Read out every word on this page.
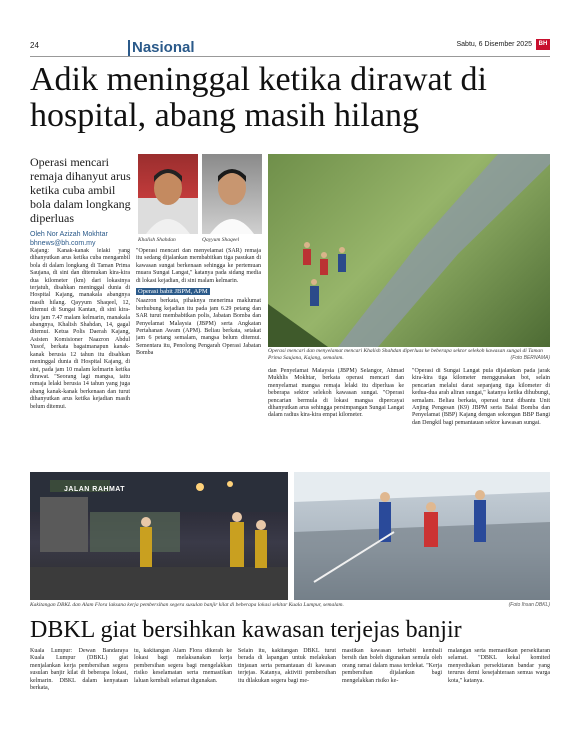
24	Nasional	Sabtu, 6 Disember 2025	BH
Adik meninggal ketika dirawat di hospital, abang masih hilang
Operasi mencari remaja dihanyut arus ketika cuba ambil bola dalam longkang diperluas
Oleh Nor Azizah Mokhtar
bhnews@bh.com.my	Khalish Shahdan	Qayyum Shaqeel
Operasi mencari dan menyelamat mencari Khalish Shahdan diperluas ke beberapa sektor selekoh kawasan sungai di Taman Prima Saujana, Kajang, semalam.	(Foto BERNAMA)
Kajang: Kanak-kanak lelaki yang dihanyutkan arus ketika cuba mengambil bola di dalam longkang di Taman Prima Saujana, di sini dan ditemukan kira-kira dua kilometer (km) dari lokasinya terjatuh, disahkan meninggal dunia di Hospital Kajang, manakala abangnya masih hilang. Qayyum Shaqeel, 12, ditemui di Sungai Kantan, di sini kira-kira jam 7.47 malam kelmarin, manakala abangnya, Khalish Shahdan, 14, gagal ditemui. Ketua Polis Daerah Kajang, Asisten Komisioner Naazron Abdul Yusof, berkata bagaimanapun kanak-kanak berusia 12 tahun itu disahkan meninggal dunia di Hospital Kajang, di sini, pada jam 10 malam kelmarin ketika dirawat. "Seorang lagi mangsa, iaitu remaja lelaki berusia 14 tahun yang juga abang kanak-kanak berkenaan dan turut dihanyutkan arus ketika kejadian masih belum ditemui.
"Operasi mencari dan menyelamat (SAR) remaja itu sedang dijalankan membabitkan tiga pasukan di kawasan sungai berkenaan sehingga ke pertemuan muara Sungai Langat," katanya pada sidang media di lokasi kejadian, di sini malam kelmarin.
Operasi babit JBPM, APM
Naazron berkata, pihaknya menerima maklumat berhubung kejadian itu pada jam 6.29 petang dan SAR turut membabitkan polis, Jabatan Bomba dan Penyelamat Malaysia (JBPM) serta Angkatan Pertahanan Awam (APM). Beliau berkata, setakat jam 6 petang semalam, mangsa belum ditemui. Sementara itu, Penolong Pengarah Operasi Jabatan Bomba
dan Penyelamat Malaysia (JBPM) Selangor, Ahmad Mukhlis Mokhtar, berkata operasi mencari dan menyelamat mangsa remaja lelaki itu diperluas ke beberapa sektor selekoh kawasan sungai. "Operasi pencarian bermula di lokasi mangsa dipercayai dihanyutkan arus sehingga persimpangan Sungai Langat dalam radius kira-kira empat kilometer.
"Operasi di Sungai Langat pula dijalankan pada jarak kira-kira tiga kilometer menggunakan bot, selain pencarian melalui darat sepanjang tiga kilometer di kedua-dua arah aliran sungai," katanya ketika dihubungi, semalam. Beliau berkata, operasi turut dibantu Unit Anjing Pengesan (K9) JBPM serta Balai Bomba dan Penyelamat (BBP) Kajang dengan sokongan BBP Bangi dan Dengkil bagi pemantauan sektor kawasan sungai.
JALAN RAHMAT
Kakitangan DBKL dan Alam Flora laksana kerja pembersihan segera susulan banjir kilat di beberapa lokasi sekitar Kuala Lumpur, semalam.	(Foto Ihsan DBKL)
DBKL giat bersihkan kawasan terjejas banjir
Kuala Lumpur: Dewan Bandaraya Kuala Lumpur (DBKL) giat menjalankan kerja pembersihan segera susulan banjir kilat di beberapa lokasi, kelmarin. DBKL dalam kenyataan berkata,
tu, kakitangan Alam Flora dikerah ke lokasi bagi melaksanakan kerja pembersihan segera bagi mengelakkan risiko keselamatan serta memastikan laluan kembali selamat digunakan.
Selain itu, kakitangan DBKL turut berada di lapangan untuk melakukan tinjauan serta pemantauan di kawasan terjejas. Katanya, aktiviti pembersihan itu dilakukan segera bagi me-
mastikan kawasan terbabit kembali bersih dan boleh digunakan semula oleh orang ramai dalam masa terdekat. "Kerja pembersihan dijalankan bagi mengelakkan risiko ke-
malangan serta memastikan persekitaran selamat. "DBKL kekal komited menyediakan persekitaran bandar yang terurus demi kesejahteraan semua warga kota," katanya.
